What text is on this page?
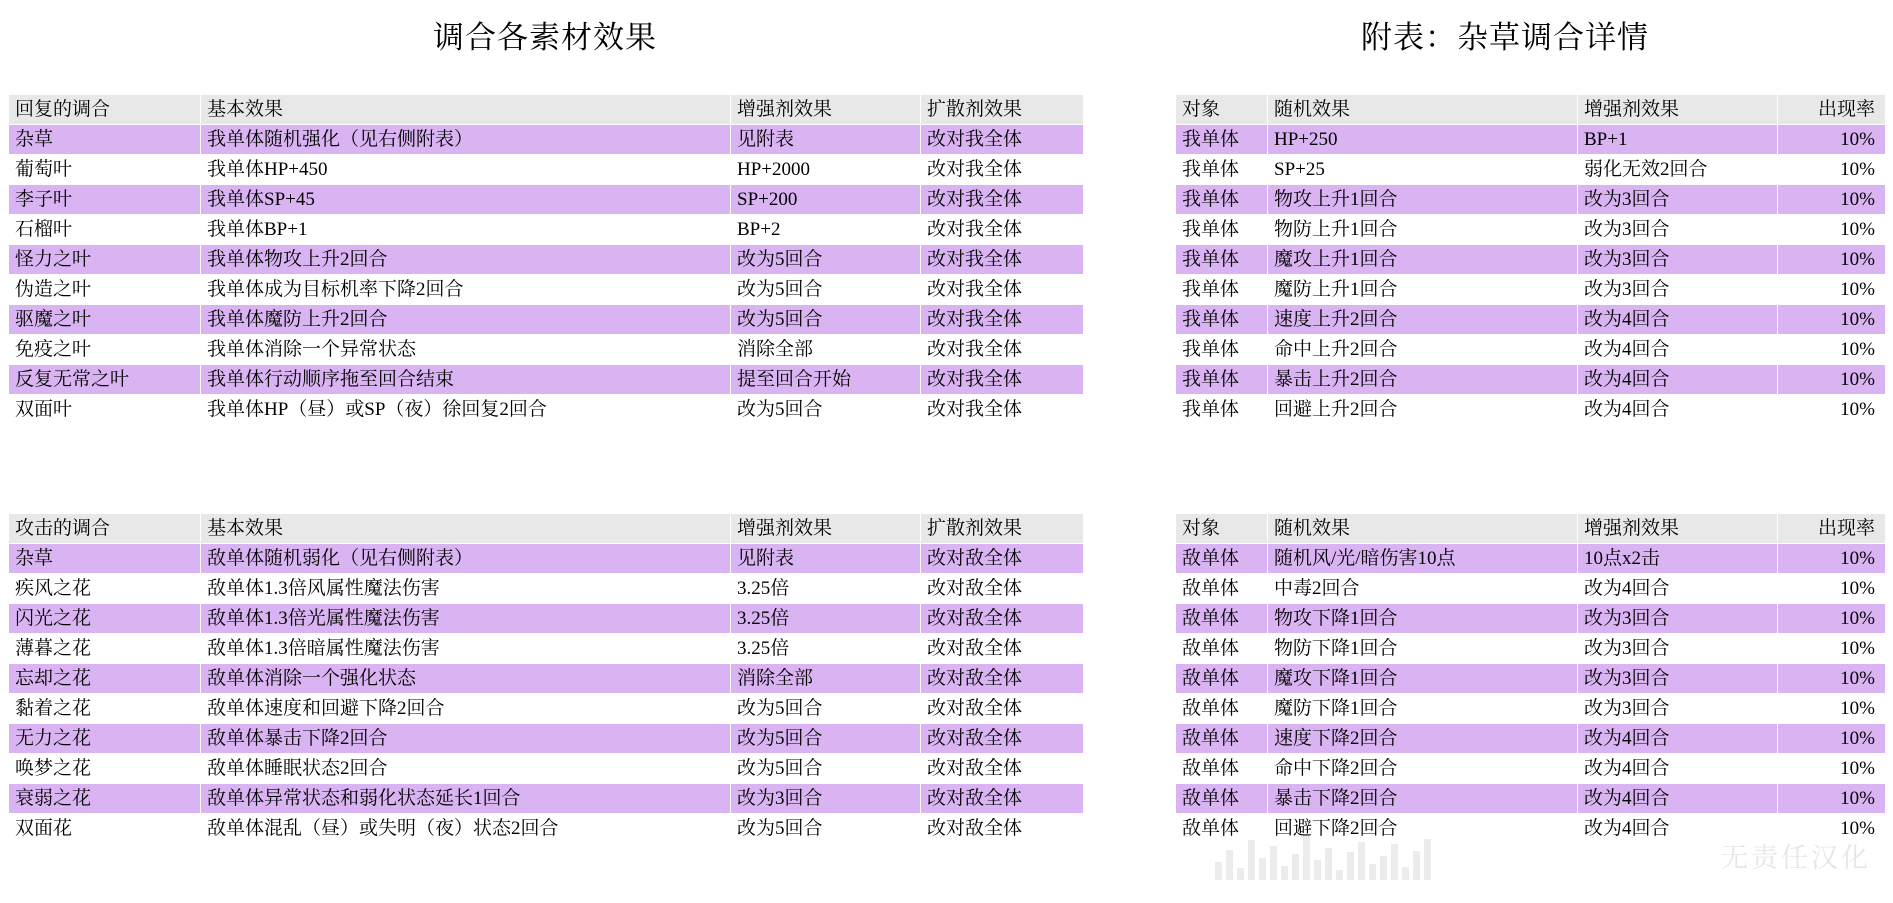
调合各素材效果	附表：杂草调合详情
回复的调合	基本效果	增强剂效果	扩散剂效果
杂草	我单体随机强化（见右侧附表）	见附表	改对我全体
葡萄叶	我单体HP+450	HP+2000	改对我全体
李子叶	我单体SP+45	SP+200	改对我全体
石榴叶	我单体BP+1	BP+2	改对我全体
怪力之叶	我单体物攻上升2回合	改为5回合	改对我全体
伪造之叶	我单体成为目标机率下降2回合	改为5回合	改对我全体
驱魔之叶	我单体魔防上升2回合	改为5回合	改对我全体
免疫之叶	我单体消除一个异常状态	消除全部	改对我全体
反复无常之叶	我单体行动顺序拖至回合结束	提至回合开始	改对我全体
双面叶	我单体HP（昼）或SP（夜）徐回复2回合	改为5回合	改对我全体
攻击的调合	基本效果	增强剂效果	扩散剂效果
杂草	敌单体随机弱化（见右侧附表）	见附表	改对敌全体
疾风之花	敌单体1.3倍风属性魔法伤害	3.25倍	改对敌全体
闪光之花	敌单体1.3倍光属性魔法伤害	3.25倍	改对敌全体
薄暮之花	敌单体1.3倍暗属性魔法伤害	3.25倍	改对敌全体
忘却之花	敌单体消除一个强化状态	消除全部	改对敌全体
黏着之花	敌单体速度和回避下降2回合	改为5回合	改对敌全体
无力之花	敌单体暴击下降2回合	改为5回合	改对敌全体
唤梦之花	敌单体睡眠状态2回合	改为5回合	改对敌全体
衰弱之花	敌单体异常状态和弱化状态延长1回合	改为3回合	改对敌全体
双面花	敌单体混乱（昼）或失明（夜）状态2回合	改为5回合	改对敌全体
对象	随机效果	增强剂效果	出现率
我单体	HP+250	BP+1	10%
我单体	SP+25	弱化无效2回合	10%
我单体	物攻上升1回合	改为3回合	10%
我单体	物防上升1回合	改为3回合	10%
我单体	魔攻上升1回合	改为3回合	10%
我单体	魔防上升1回合	改为3回合	10%
我单体	速度上升2回合	改为4回合	10%
我单体	命中上升2回合	改为4回合	10%
我单体	暴击上升2回合	改为4回合	10%
我单体	回避上升2回合	改为4回合	10%
对象	随机效果	增强剂效果	出现率
敌单体	随机风/光/暗伤害10点	10点x2击	10%
敌单体	中毒2回合	改为4回合	10%
敌单体	物攻下降1回合	改为3回合	10%
敌单体	物防下降1回合	改为3回合	10%
敌单体	魔攻下降1回合	改为3回合	10%
敌单体	魔防下降1回合	改为3回合	10%
敌单体	速度下降2回合	改为4回合	10%
敌单体	命中下降2回合	改为4回合	10%
敌单体	暴击下降2回合	改为4回合	10%
敌单体	回避下降2回合	改为4回合	10%
无责任汉化
